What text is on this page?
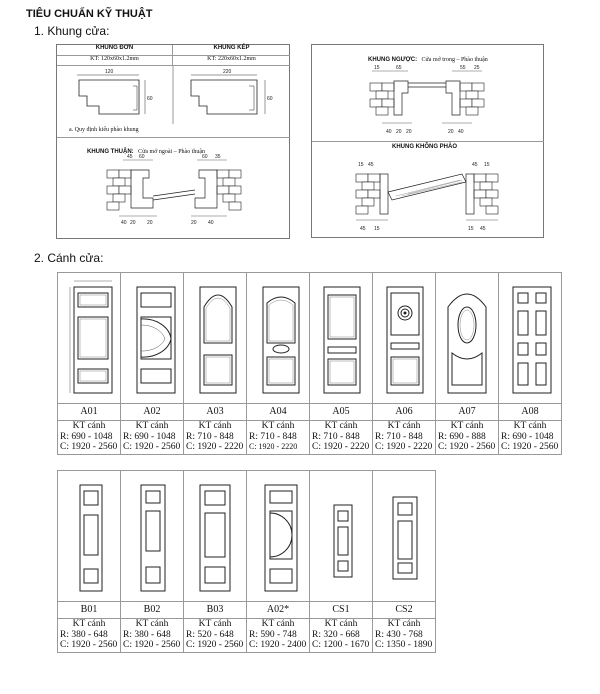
TIÊU CHUẨN KỸ THUẬT
1. Khung cửa:
KHUNG ĐƠN	KHUNG KÉP
KT: 120x60x1.2mm	KT: 220x60x1.2mm
120
60
220
60
a. Quy định kiểu phào khung
KHUNG THUẬN: Cửa mở ngoài – Phào thuận
45 60	60 35
40 20 20	20 40
KHUNG NGƯỢC: Cửa mở trong – Phào thuận
15	65	55 25
40 20 20	20 40
KHUNG KHÔNG PHÀO
15 45	45 15
45 15	15 45
2. Cánh cửa:

A01	A02	A03	A04	A05	A06	A07	A08

KT cánh
R: 690 - 1048
C: 1920 - 2560	KT cánh
R: 690 - 1048
C: 1920 - 2560	KT cánh
R: 710 - 848
C: 1920 - 2220	KT cánh
R: 710 - 848
C: 1920 - 2220	KT cánh
R: 710 - 848
C: 1920 - 2220	KT cánh
R: 710 - 848
C: 1920 - 2220	KT cánh
R: 690 - 888
C: 1920 - 2560	KT cánh
R: 690 - 1048
C: 1920 - 2560

B01	B02	B03	A02*	CS1	CS2

KT cánh
R: 380 - 648
C: 1920 - 2560	KT cánh
R: 380 - 648
C: 1920 - 2560	KT cánh
R: 520 - 648
C: 1920 - 2560	KT cánh
R: 590 - 748
C: 1920 - 2400	KT cánh
R: 320 - 668
C: 1200 - 1670	KT cánh
R: 430 - 768
C: 1350 - 1890
